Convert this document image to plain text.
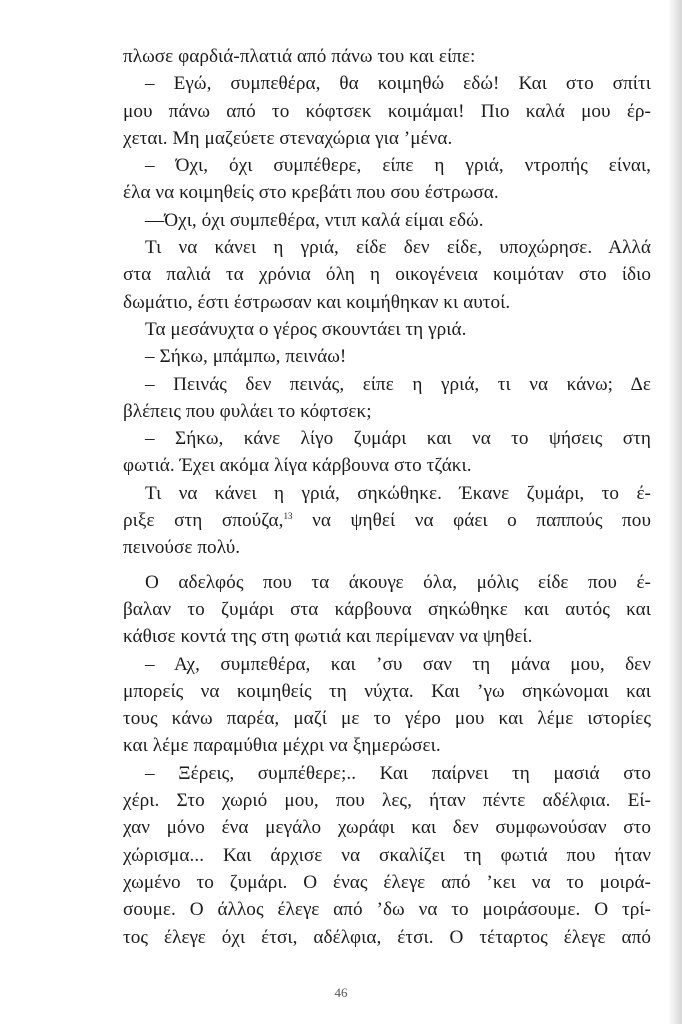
πλωσε φαρδιά-πλατιά από πάνω του και είπε:
– Εγώ, συμπεθέρα, θα κοιμηθώ εδώ! Και στο σπίτι
μου πάνω από το κόφτσεκ κοιμάμαι! Πιο καλά μου έρ-
χεται. Μη μαζεύετε στεναχώρια για ’μένα.
– Όχι, όχι συμπέθερε, είπε η γριά, ντροπής είναι,
έλα να κοιμηθείς στο κρεβάτι που σου έστρωσα.
—Όχι, όχι συμπεθέρα, ντιπ καλά είμαι εδώ.
Τι να κάνει η γριά, είδε δεν είδε, υποχώρησε. Αλλά
στα παλιά τα χρόνια όλη η οικογένεια κοιμόταν στο ίδιο
δωμάτιο, έστι έστρωσαν και κοιμήθηκαν κι αυτοί.
Τα μεσάνυχτα ο γέρος σκουντάει τη γριά.
– Σήκω, μπάμπω, πεινάω!
– Πεινάς δεν πεινάς, είπε η γριά, τι να κάνω; Δε
βλέπεις που φυλάει το κόφτσεκ;
– Σήκω, κάνε λίγο ζυμάρι και να το ψήσεις στη
φωτιά. Έχει ακόμα λίγα κάρβουνα στο τζάκι.
Τι να κάνει η γριά, σηκώθηκε. Έκανε ζυμάρι, το έ-
ριξε στη σπούζα,$^{13}$ να ψηθεί να φάει ο παππούς που
πεινούσε πολύ.
Ο αδελφός που τα άκουγε όλα, μόλις είδε που έ-
βαλαν το ζυμάρι στα κάρβουνα σηκώθηκε και αυτός και
κάθισε κοντά της στη φωτιά και περίμεναν να ψηθεί.
– Αχ, συμπεθέρα, και ’συ σαν τη μάνα μου, δεν
μπορείς να κοιμηθείς τη νύχτα. Και ’γω σηκώνομαι και
τους κάνω παρέα, μαζί με το γέρο μου και λέμε ιστορίες
και λέμε παραμύθια μέχρι να ξημερώσει.
– Ξέρεις, συμπέθερε;.. Και παίρνει τη μασιά στο
χέρι. Στο χωριό μου, που λες, ήταν πέντε αδέλφια. Εί-
χαν μόνο ένα μεγάλο χωράφι και δεν συμφωνούσαν στο
χώρισμα... Και άρχισε να σκαλίζει τη φωτιά που ήταν
χωμένο το ζυμάρι. Ο ένας έλεγε από ’κει να το μοιρά-
σουμε. Ο άλλος έλεγε από ’δω να το μοιράσουμε. Ο τρί-
τος έλεγε όχι έτσι, αδέλφια, έτσι. Ο τέταρτος έλεγε από
46
